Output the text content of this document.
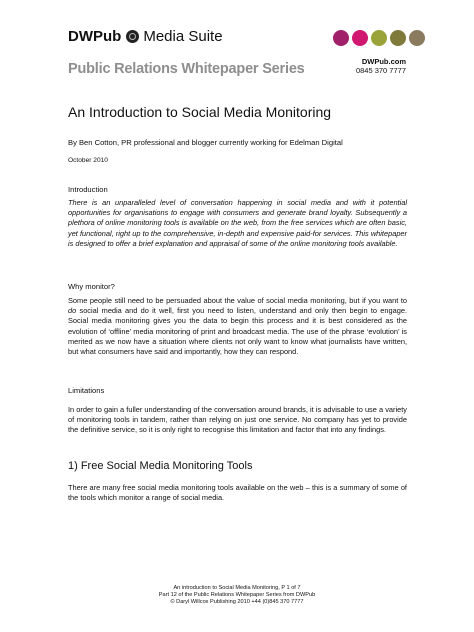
DWPub Media Suite
Public Relations Whitepaper Series	DWPub.com
0845 370 7777
An Introduction to Social Media Monitoring
By Ben Cotton, PR professional and blogger currently working for Edelman Digital
October 2010
Introduction

There is an unparalleled level of conversation happening in social media and with it potential opportunities for organisations to engage with consumers and generate brand loyalty. Subsequently a plethora of online monitoring tools is available on the web, from the free services which are often basic, yet functional, right up to the comprehensive, in-depth and expensive paid-for services. This whitepaper is designed to offer a brief explanation and appraisal of some of the online monitoring tools available.

Why monitor?

Some people still need to be persuaded about the value of social media monitoring, but if you want to do social media and do it well, first you need to listen, understand and only then begin to engage. Social media monitoring gives you the data to begin this process and it is best considered as the evolution of ‘offline’ media monitoring of print and broadcast media. The use of the phrase ‘evolution’ is merited as we now have a situation where clients not only want to know what journalists have written, but what consumers have said and importantly, how they can respond.

Limitations

In order to gain a fuller understanding of the conversation around brands, it is advisable to use a variety of monitoring tools in tandem, rather than relying on just one service. No company has yet to provide the definitive service, so it is only right to recognise this limitation and factor that into any findings.

1) Free Social Media Monitoring Tools

There are many free social media monitoring tools available on the web – this is a summary of some of the tools which monitor a range of social media.

An introduction to Social Media Monitoring, P 1 of 7
Part 12 of the Public Relations Whitepaper Series from DWPub
© Daryl Willcox Publishing 2010 +44 (0)845 370 7777
